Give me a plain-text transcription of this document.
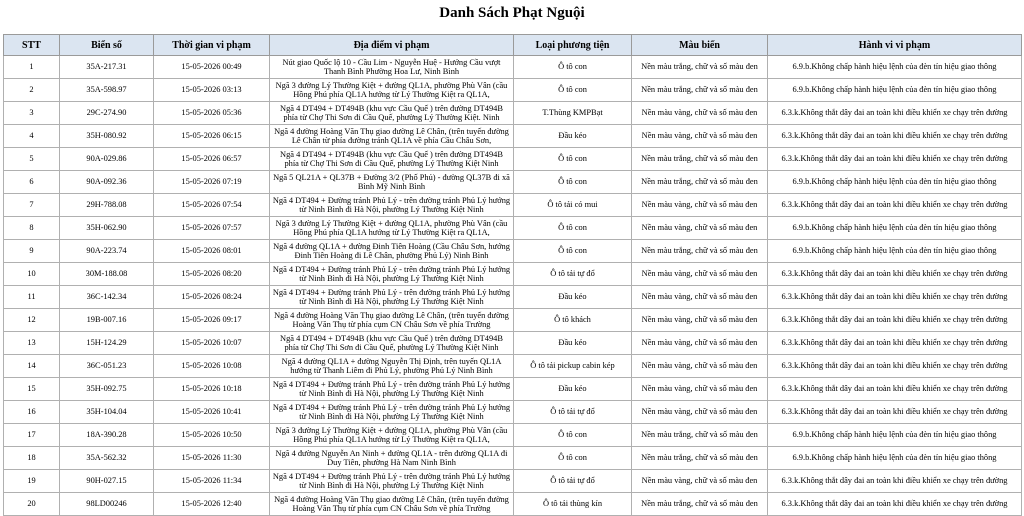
Danh Sách Phạt Nguội
STT	Biển số	Thời gian vi phạm	Địa điểm vi phạm	Loại phương tiện	Màu biển	Hành vi vi phạm
1	35A-217.31	15-05-2026 00:49	Nút giao Quốc lộ 10 - Cầu Lim - Nguyễn Huệ - Hướng Cầu vượt Thanh Bình Phường Hoa Lư, Ninh Bình	Ô tô con	Nền màu trắng, chữ và số màu đen	6.9.b.Không chấp hành hiệu lệnh của đèn tín hiệu giao thông
2	35A-598.97	15-05-2026 03:13	Ngã 3 đường Lý Thường Kiệt + đường QL1A, phường Phù Vân (cầu Hồng Phú phía QL1A hướng từ Lý Thường Kiệt ra QL1A,	Ô tô con	Nền màu trắng, chữ và số màu đen	6.9.b.Không chấp hành hiệu lệnh của đèn tín hiệu giao thông
3	29C-274.90	15-05-2026 05:36	Ngã 4 DT494 + DT494B (khu vực Cầu Quế ) trên đường DT494B phía từ Chợ Thi Sơn đi Cầu Quế, phường Lý Thường Kiệt. Ninh	T.Thùng KMPBạt	Nền màu vàng, chữ và số màu đen	6.3.k.Không thắt dây đai an toàn khi điều khiển xe chạy trên đường
4	35H-080.92	15-05-2026 06:15	Ngã 4 đường Hoàng Văn Thụ giao đường Lê Chân, (trên tuyến đường Lê Chân từ phía đường tránh QL1A về phía Cầu Châu Sơn,	Đầu kéo	Nền màu vàng, chữ và số màu đen	6.3.k.Không thắt dây đai an toàn khi điều khiển xe chạy trên đường
5	90A-029.86	15-05-2026 06:57	Ngã 4 DT494 + DT494B (khu vực Cầu Quế ) trên đường DT494B phía từ Chợ Thi Sơn đi Cầu Quế, phường Lý Thường Kiệt Ninh	Ô tô con	Nền màu trắng, chữ và số màu đen	6.3.k.Không thắt dây đai an toàn khi điều khiển xe chạy trên đường
6	90A-092.36	15-05-2026 07:19	Ngã 5 QL21A + QL37B + Đường 3/2 (Phố Phủ) - đường QL37B đi xã Bình Mỹ Ninh Bình	Ô tô con	Nền màu trắng, chữ và số màu đen	6.9.b.Không chấp hành hiệu lệnh của đèn tín hiệu giao thông
7	29H-788.08	15-05-2026 07:54	Ngã 4 DT494 + Đường tránh Phủ Lý - trên đường tránh Phủ Lý hướng từ Ninh Bình đi Hà Nội, phường Lý Thường Kiệt Ninh	Ô tô tải có mui	Nền màu vàng, chữ và số màu đen	6.3.k.Không thắt dây đai an toàn khi điều khiển xe chạy trên đường
8	35H-062.90	15-05-2026 07:57	Ngã 3 đường Lý Thường Kiệt + đường QL1A, phường Phù Vân (cầu Hồng Phú phía QL1A hướng từ Lý Thường Kiệt ra QL1A,	Ô tô con	Nền màu vàng, chữ và số màu đen	6.9.b.Không chấp hành hiệu lệnh của đèn tín hiệu giao thông
9	90A-223.74	15-05-2026 08:01	Ngã 4 đường QL1A + đường Đinh Tiên Hoàng (Cầu Châu Sơn, hướng Đinh Tiên Hoàng đi Lê Chân, phường Phủ Lý) Ninh Bình	Ô tô con	Nền màu trắng, chữ và số màu đen	6.9.b.Không chấp hành hiệu lệnh của đèn tín hiệu giao thông
10	30M-188.08	15-05-2026 08:20	Ngã 4 DT494 + Đường tránh Phủ Lý - trên đường tránh Phủ Lý hướng từ Ninh Bình đi Hà Nội, phường Lý Thường Kiệt Ninh	Ô tô tải tự đổ	Nền màu vàng, chữ và số màu đen	6.3.k.Không thắt dây đai an toàn khi điều khiển xe chạy trên đường
11	36C-142.34	15-05-2026 08:24	Ngã 4 DT494 + Đường tránh Phủ Lý - trên đường tránh Phủ Lý hướng từ Ninh Bình đi Hà Nội, phường Lý Thường Kiệt Ninh	Đầu kéo	Nền màu vàng, chữ và số màu đen	6.3.k.Không thắt dây đai an toàn khi điều khiển xe chạy trên đường
12	19B-007.16	15-05-2026 09:17	Ngã 4 đường Hoàng Văn Thụ giao đường Lê Chân, (trên tuyến đường Hoàng Văn Thụ từ phía cụm CN Châu Sơn về phía Trường	Ô tô khách	Nền màu vàng, chữ và số màu đen	6.3.k.Không thắt dây đai an toàn khi điều khiển xe chạy trên đường
13	15H-124.29	15-05-2026 10:07	Ngã 4 DT494 + DT494B (khu vực Cầu Quế ) trên đường DT494B phía từ Chợ Thi Sơn đi Cầu Quế, phường Lý Thường Kiệt Ninh	Đầu kéo	Nền màu vàng, chữ và số màu đen	6.3.k.Không thắt dây đai an toàn khi điều khiển xe chạy trên đường
14	36C-051.23	15-05-2026 10:08	Ngã 4 đường QL1A + đường Nguyễn Thị Định, trên tuyến QL1A hướng từ Thanh Liêm đi Phủ Lý, phường Phủ Lý Ninh Bình	Ô tô tải pickup cabin kép	Nền màu vàng, chữ và số màu đen	6.3.k.Không thắt dây đai an toàn khi điều khiển xe chạy trên đường
15	35H-092.75	15-05-2026 10:18	Ngã 4 DT494 + Đường tránh Phủ Lý - trên đường tránh Phủ Lý hướng từ Ninh Bình đi Hà Nội, phường Lý Thường Kiệt Ninh	Đầu kéo	Nền màu vàng, chữ và số màu đen	6.3.k.Không thắt dây đai an toàn khi điều khiển xe chạy trên đường
16	35H-104.04	15-05-2026 10:41	Ngã 4 DT494 + Đường tránh Phủ Lý - trên đường tránh Phủ Lý hướng từ Ninh Bình đi Hà Nội, phường Lý Thường Kiệt Ninh	Ô tô tải tự đổ	Nền màu vàng, chữ và số màu đen	6.3.k.Không thắt dây đai an toàn khi điều khiển xe chạy trên đường
17	18A-390.28	15-05-2026 10:50	Ngã 3 đường Lý Thường Kiệt + đường QL1A, phường Phù Vân (cầu Hồng Phú phía QL1A hướng từ Lý Thường Kiệt ra QL1A,	Ô tô con	Nền màu trắng, chữ và số màu đen	6.9.b.Không chấp hành hiệu lệnh của đèn tín hiệu giao thông
18	35A-562.32	15-05-2026 11:30	Ngã 4 đường Nguyễn An Ninh + đường QL1A - trên đường QL1A đi Duy Tiên, phường Hà Nam Ninh Bình	Ô tô con	Nền màu trắng, chữ và số màu đen	6.9.b.Không chấp hành hiệu lệnh của đèn tín hiệu giao thông
19	90H-027.15	15-05-2026 11:34	Ngã 4 DT494 + Đường tránh Phủ Lý - trên đường tránh Phủ Lý hướng từ Ninh Bình đi Hà Nội, phường Lý Thường Kiệt Ninh	Ô tô tải tự đổ	Nền màu vàng, chữ và số màu đen	6.3.k.Không thắt dây đai an toàn khi điều khiển xe chạy trên đường
20	98LD00246	15-05-2026 12:40	Ngã 4 đường Hoàng Văn Thụ giao đường Lê Chân, (trên tuyến đường Hoàng Văn Thụ từ phía cụm CN Châu Sơn về phía Trường	Ô tô tải thùng kín	Nền màu trắng, chữ và số màu đen	6.3.k.Không thắt dây đai an toàn khi điều khiển xe chạy trên đường
